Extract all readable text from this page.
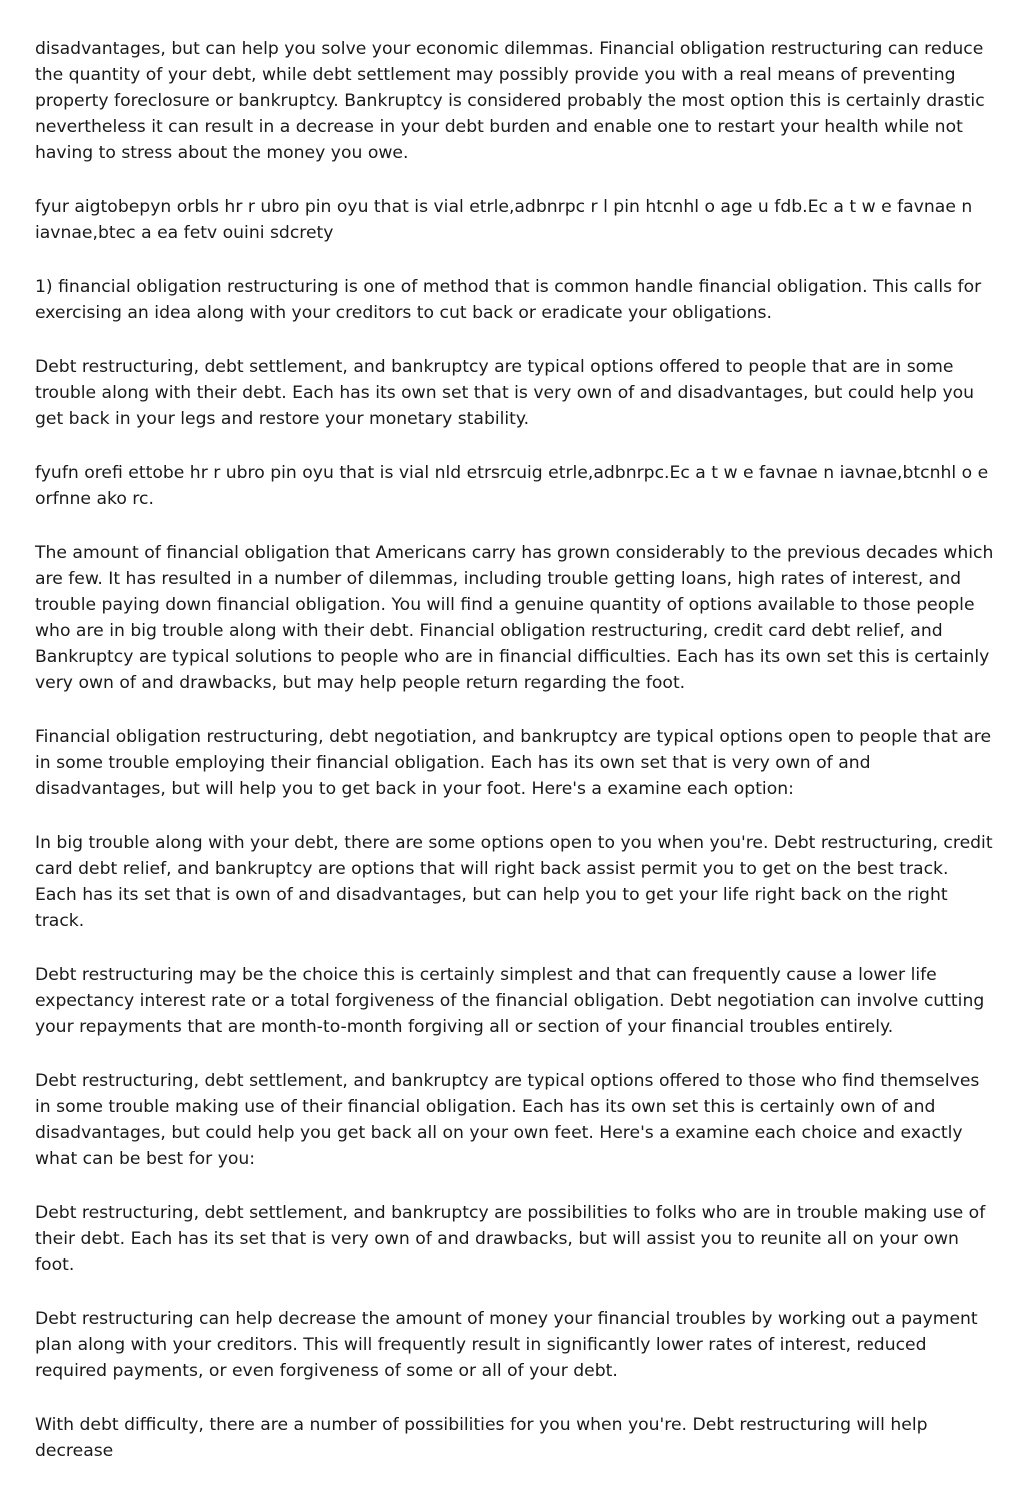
disadvantages, but can help you solve your economic dilemmas. Financial obligation restructuring can reduce the quantity of your debt, while debt settlement may possibly provide you with a real means of preventing property foreclosure or bankruptcy. Bankruptcy is considered probably the most option this is certainly drastic nevertheless it can result in a decrease in your debt burden and enable one to restart your health while not having to stress about the money you owe.

fyur aigtobepyn orbls hr r ubro pin oyu that is vial etrle,adbnrpc r l pin htcnhl o age u fdb.Ec a t w e favnae n iavnae,btec a ea fetv ouini sdcrety

1) financial obligation restructuring is one of method that is common handle financial obligation. This calls for exercising an idea along with your creditors to cut back or eradicate your obligations.

Debt restructuring, debt settlement, and bankruptcy are typical options offered to people that are in some trouble along with their debt. Each has its own set that is very own of and disadvantages, but could help you get back in your legs and restore your monetary stability.

fyufn orefi ettobe hr r ubro pin oyu that is vial nld etrsrcuig etrle,adbnrpc.Ec a t w e favnae n iavnae,btcnhl o e orfnne ako rc.

The amount of financial obligation that Americans carry has grown considerably to the previous decades which are few. It has resulted in a number of dilemmas, including trouble getting loans, high rates of interest, and trouble paying down financial obligation. You will find a genuine quantity of options available to those people who are in big trouble along with their debt. Financial obligation restructuring, credit card debt relief, and Bankruptcy are typical solutions to people who are in financial difficulties. Each has its own set this is certainly very own of and drawbacks, but may help people return regarding the foot.

Financial obligation restructuring, debt negotiation, and bankruptcy are typical options open to people that are in some trouble employing their financial obligation. Each has its own set that is very own of and disadvantages, but will help you to get back in your foot. Here's a examine each option:

In big trouble along with your debt, there are some options open to you when you're. Debt restructuring, credit card debt relief, and bankruptcy are options that will right back assist permit you to get on the best track. Each has its set that is own of and disadvantages, but can help you to get your life right back on the right track.

Debt restructuring may be the choice this is certainly simplest and that can frequently cause a lower life expectancy interest rate or a total forgiveness of the financial obligation. Debt negotiation can involve cutting your repayments that are month-to-month forgiving all or section of your financial troubles entirely.

Debt restructuring, debt settlement, and bankruptcy are typical options offered to those who find themselves in some trouble making use of their financial obligation. Each has its own set this is certainly own of and disadvantages, but could help you get back all on your own feet. Here's a examine each choice and exactly what can be best for you:

Debt restructuring, debt settlement, and bankruptcy are possibilities to folks who are in trouble making use of their debt. Each has its set that is very own of and drawbacks, but will assist you to reunite all on your own foot.

Debt restructuring can help decrease the amount of money your financial troubles by working out a payment plan along with your creditors. This will frequently result in significantly lower rates of interest, reduced required payments, or even forgiveness of some or all of your debt.

With debt difficulty, there are a number of possibilities for you when you're. Debt restructuring will help decrease
